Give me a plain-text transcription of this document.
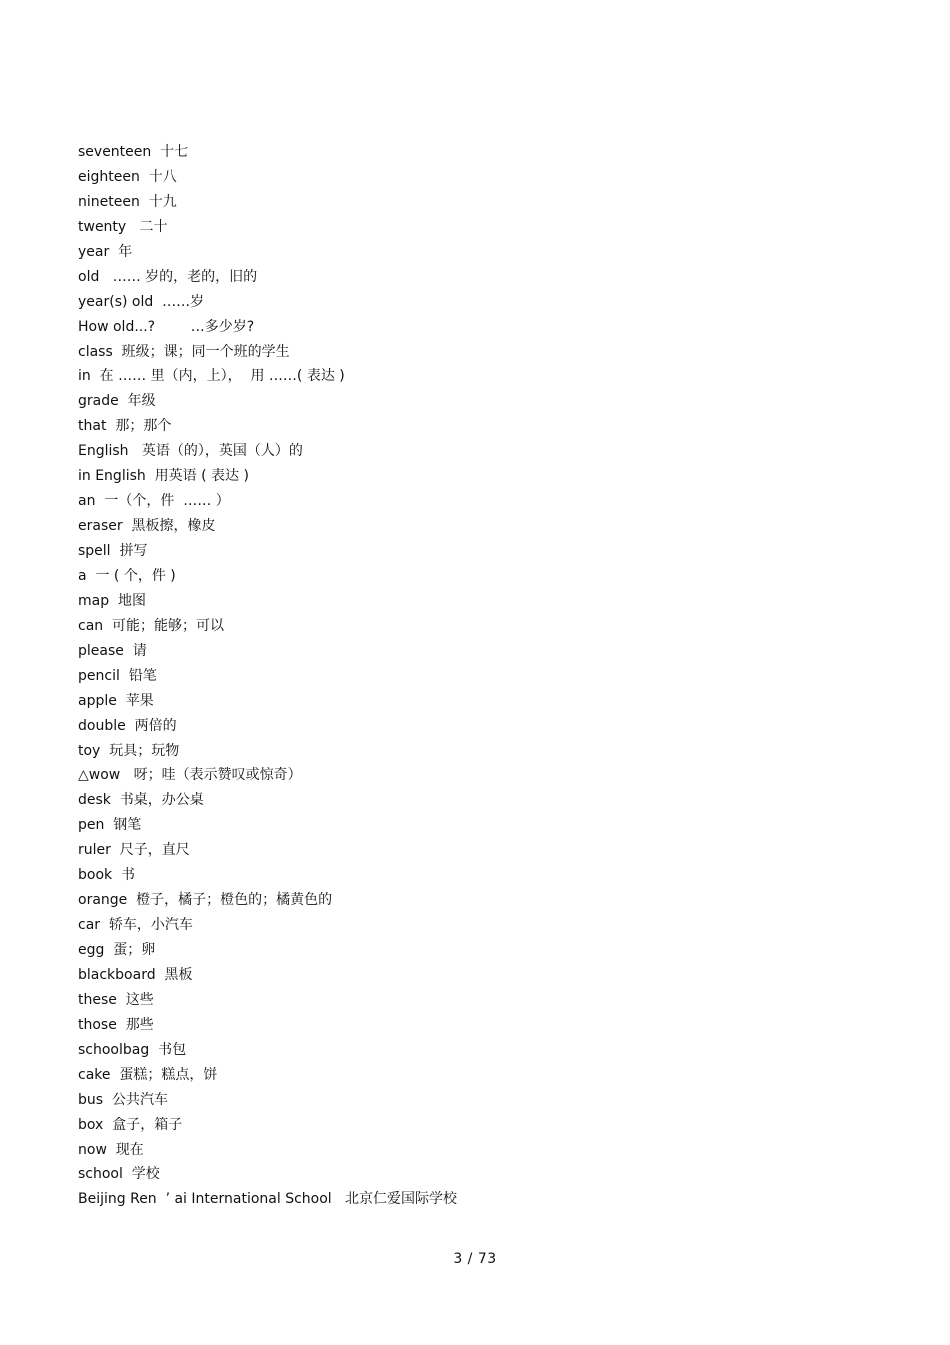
seventeen  十七
eighteen  十八
nineteen  十九
twenty   二十
year  年
old   …… 岁的，老的，旧的
year(s) old  ……岁
How old...?        …多少岁?
class  班级；课；同一个班的学生
in  在 …… 里（内，上），  用 ……( 表达 )
grade  年级
that  那；那个
English   英语（的），英国（人）的
in English  用英语 ( 表达 )
an  一（个，件  …… ）
eraser  黑板擦，橡皮
spell  拼写
a  一 ( 个，件 )
map  地图
can  可能；能够；可以
please  请
pencil  铅笔
apple  苹果
double  两倍的
toy  玩具；玩物
△wow   呀；哇（表示赞叹或惊奇）
desk  书桌，办公桌
pen  钢笔
ruler  尺子，直尺
book  书
orange  橙子，橘子；橙色的；橘黄色的
car  轿车，小汽车
egg  蛋；卵
blackboard  黑板
these  这些
those  那些
schoolbag  书包
cake  蛋糕；糕点，饼
bus  公共汽车
box  盒子，箱子
now  现在
school  学校
Beijing Ren  ’ ai International School   北京仁爱国际学校
3 / 73
